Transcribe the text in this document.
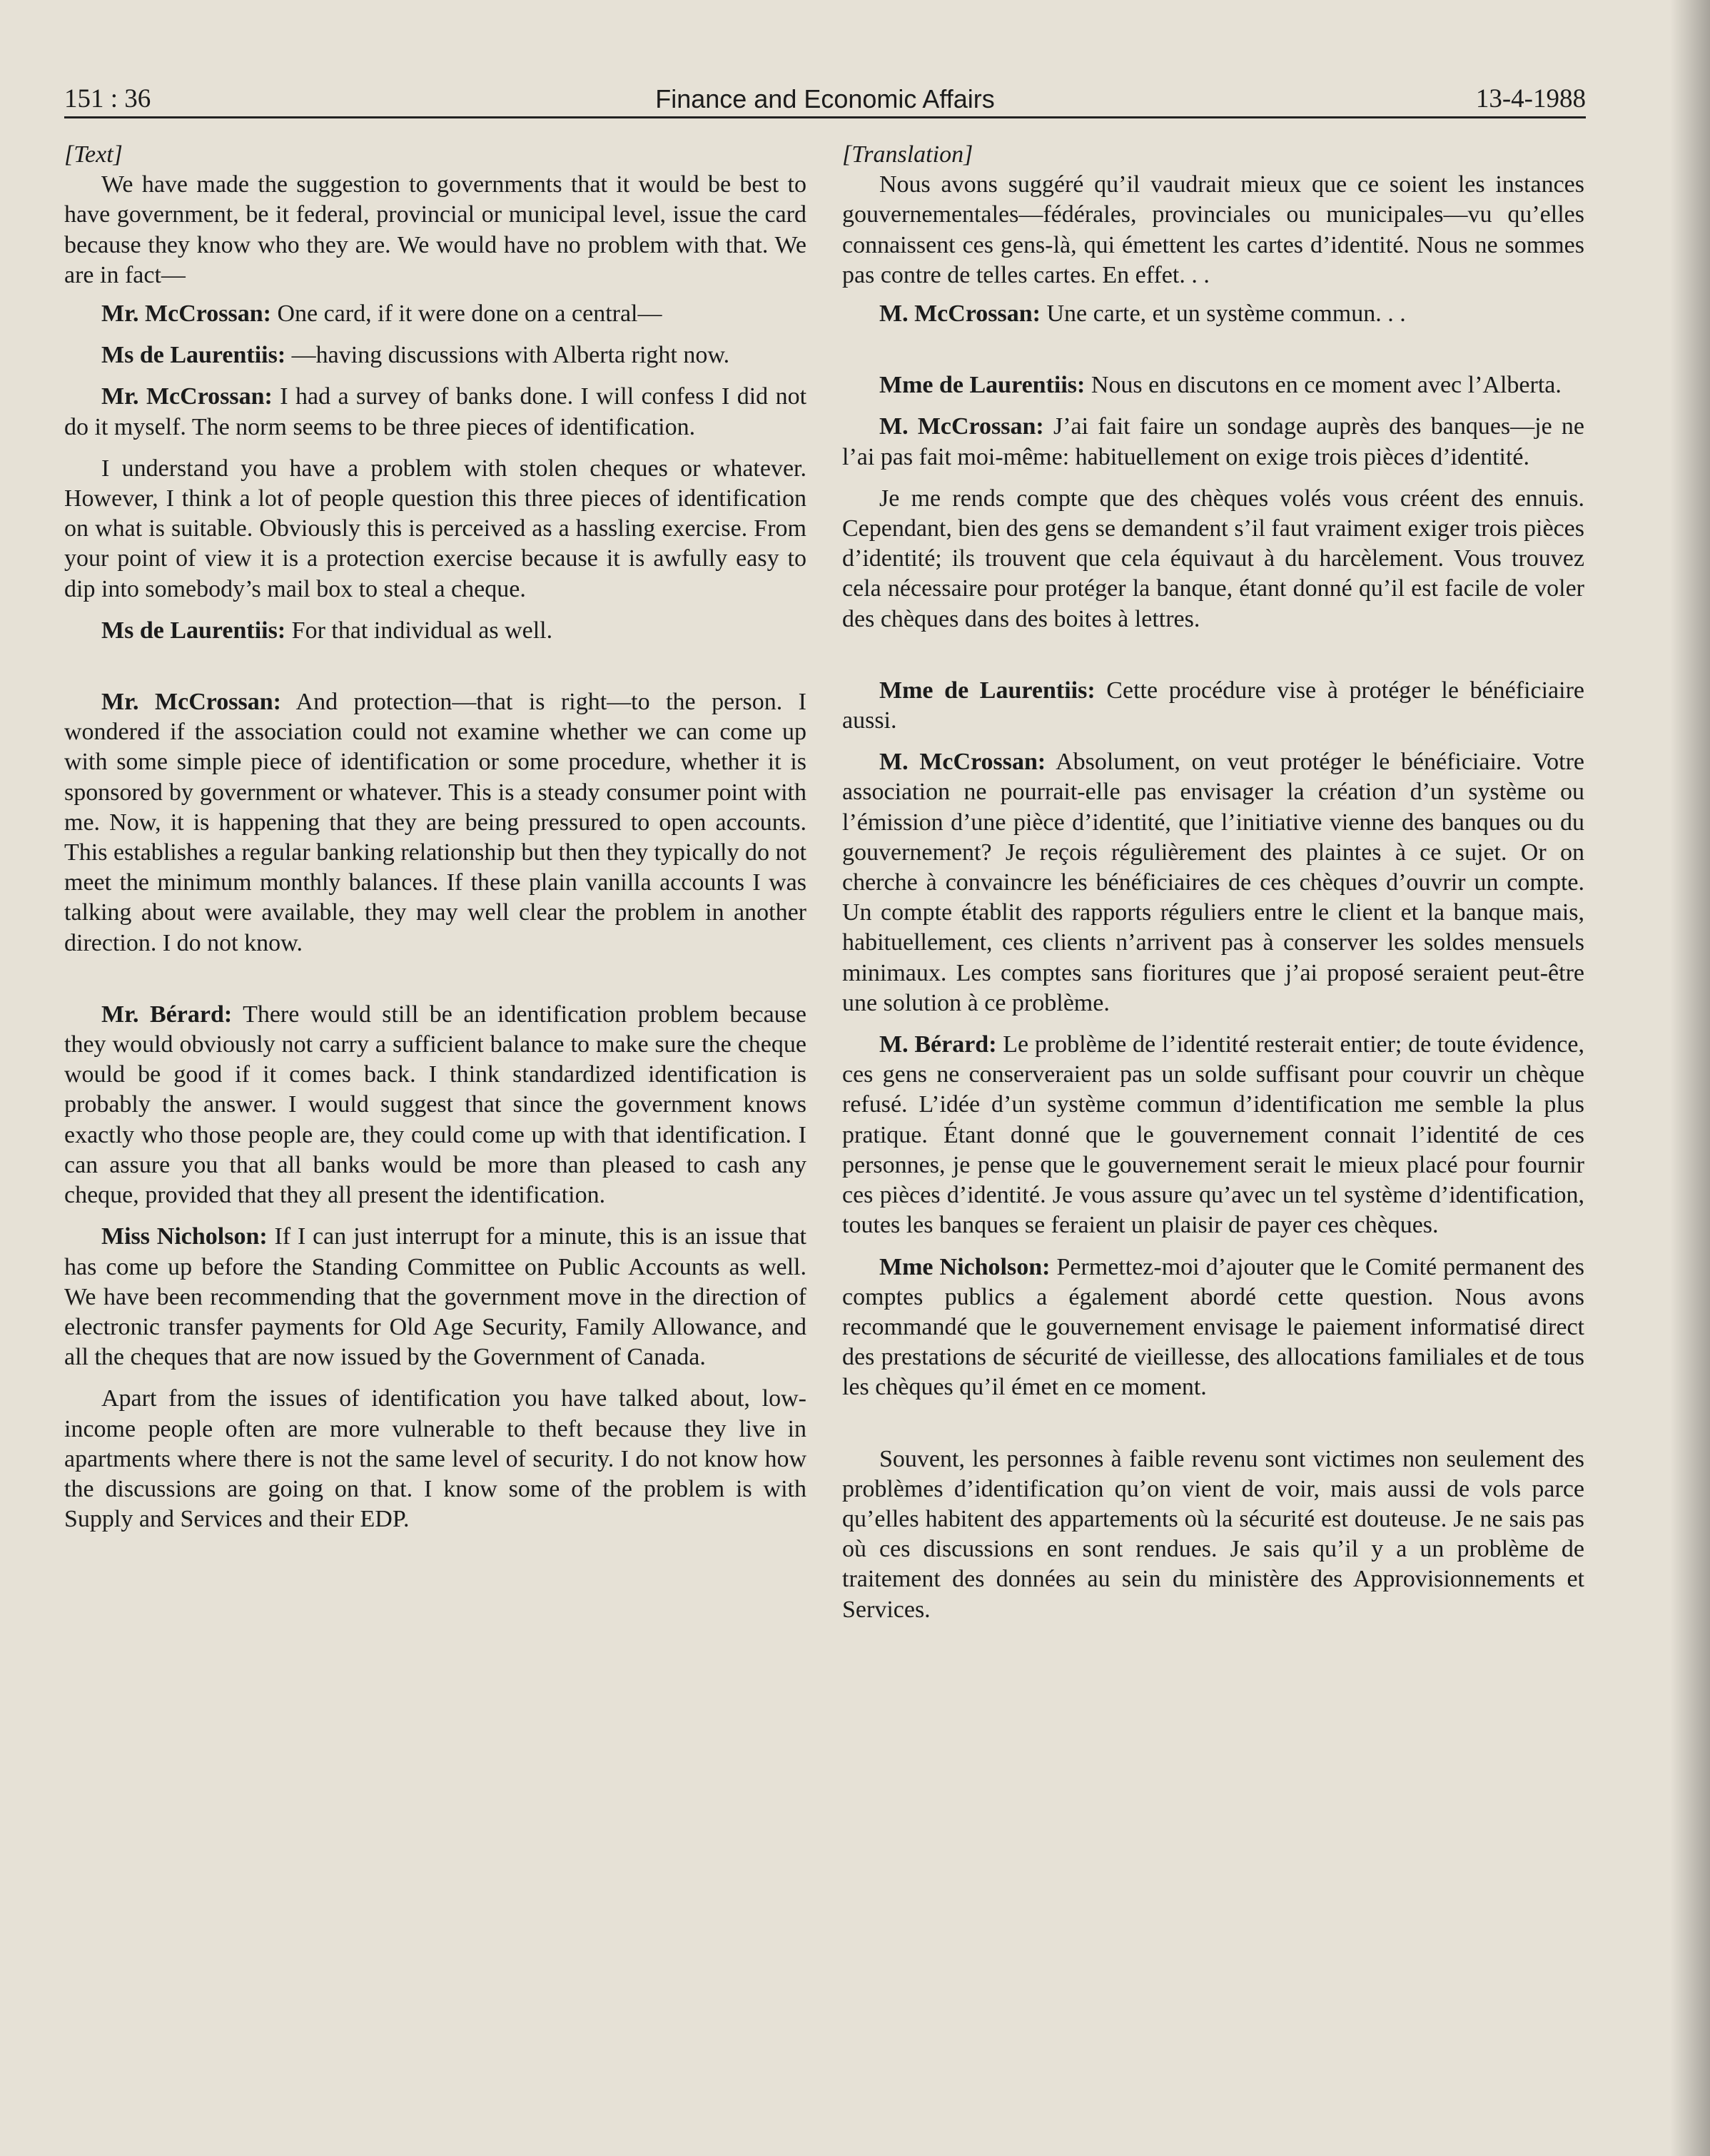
151 : 36	Finance and Economic Affairs	13-4-1988

[Text]

We have made the suggestion to governments that it would be best to have government, be it federal, provincial or municipal level, issue the card because they know who they are. We would have no problem with that. We are in fact—

Mr. McCrossan: One card, if it were done on a central—

Ms de Laurentiis: —having discussions with Alberta right now.

Mr. McCrossan: I had a survey of banks done. I will confess I did not do it myself. The norm seems to be three pieces of identification.

I understand you have a problem with stolen cheques or whatever. However, I think a lot of people question this three pieces of identification on what is suitable. Obviously this is perceived as a hassling exercise. From your point of view it is a protection exercise because it is awfully easy to dip into somebody’s mail box to steal a cheque.

Ms de Laurentiis: For that individual as well.

Mr. McCrossan: And protection—that is right—to the person. I wondered if the association could not examine whether we can come up with some simple piece of identification or some procedure, whether it is sponsored by government or whatever. This is a steady consumer point with me. Now, it is happening that they are being pressured to open accounts. This establishes a regular banking relationship but then they typically do not meet the minimum monthly balances. If these plain vanilla accounts I was talking about were available, they may well clear the problem in another direction. I do not know.

Mr. Bérard: There would still be an identification problem because they would obviously not carry a sufficient balance to make sure the cheque would be good if it comes back. I think standardized identification is probably the answer. I would suggest that since the government knows exactly who those people are, they could come up with that identification. I can assure you that all banks would be more than pleased to cash any cheque, provided that they all present the identification.

Miss Nicholson: If I can just interrupt for a minute, this is an issue that has come up before the Standing Committee on Public Accounts as well. We have been recommending that the government move in the direction of electronic transfer payments for Old Age Security, Family Allowance, and all the cheques that are now issued by the Government of Canada.

Apart from the issues of identification you have talked about, low-income people often are more vulnerable to theft because they live in apartments where there is not the same level of security. I do not know how the discussions are going on that. I know some of the problem is with Supply and Services and their EDP.

[Translation]

Nous avons suggéré qu’il vaudrait mieux que ce soient les instances gouvernementales—fédérales, provinciales ou municipales—vu qu’elles connaissent ces gens-là, qui émettent les cartes d’identité. Nous ne sommes pas contre de telles cartes. En effet. . .

M. McCrossan: Une carte, et un système commun. . .

Mme de Laurentiis: Nous en discutons en ce moment avec l’Alberta.

M. McCrossan: J’ai fait faire un sondage auprès des banques—je ne l’ai pas fait moi-même: habituellement on exige trois pièces d’identité.

Je me rends compte que des chèques volés vous créent des ennuis. Cependant, bien des gens se demandent s’il faut vraiment exiger trois pièces d’identité; ils trouvent que cela équivaut à du harcèlement. Vous trouvez cela nécessaire pour protéger la banque, étant donné qu’il est facile de voler des chèques dans des boites à lettres.

Mme de Laurentiis: Cette procédure vise à protéger le bénéficiaire aussi.

M. McCrossan: Absolument, on veut protéger le bénéficiaire. Votre association ne pourrait-elle pas envisager la création d’un système ou l’émission d’une pièce d’identité, que l’initiative vienne des banques ou du gouvernement? Je reçois régulièrement des plaintes à ce sujet. Or on cherche à convaincre les bénéficiaires de ces chèques d’ouvrir un compte. Un compte établit des rapports réguliers entre le client et la banque mais, habituellement, ces clients n’arrivent pas à conserver les soldes mensuels minimaux. Les comptes sans fioritures que j’ai proposé seraient peut-être une solution à ce problème.

M. Bérard: Le problème de l’identité resterait entier; de toute évidence, ces gens ne conserveraient pas un solde suffisant pour couvrir un chèque refusé. L’idée d’un système commun d’identification me semble la plus pratique. Étant donné que le gouvernement connait l’identité de ces personnes, je pense que le gouvernement serait le mieux placé pour fournir ces pièces d’identité. Je vous assure qu’avec un tel système d’identification, toutes les banques se feraient un plaisir de payer ces chèques.

Mme Nicholson: Permettez-moi d’ajouter que le Comité permanent des comptes publics a également abordé cette question. Nous avons recommandé que le gouvernement envisage le paiement informatisé direct des prestations de sécurité de vieillesse, des allocations familiales et de tous les chèques qu’il émet en ce moment.

Souvent, les personnes à faible revenu sont victimes non seulement des problèmes d’identification qu’on vient de voir, mais aussi de vols parce qu’elles habitent des appartements où la sécurité est douteuse. Je ne sais pas où ces discussions en sont rendues. Je sais qu’il y a un problème de traitement des données au sein du ministère des Approvisionnements et Services.
